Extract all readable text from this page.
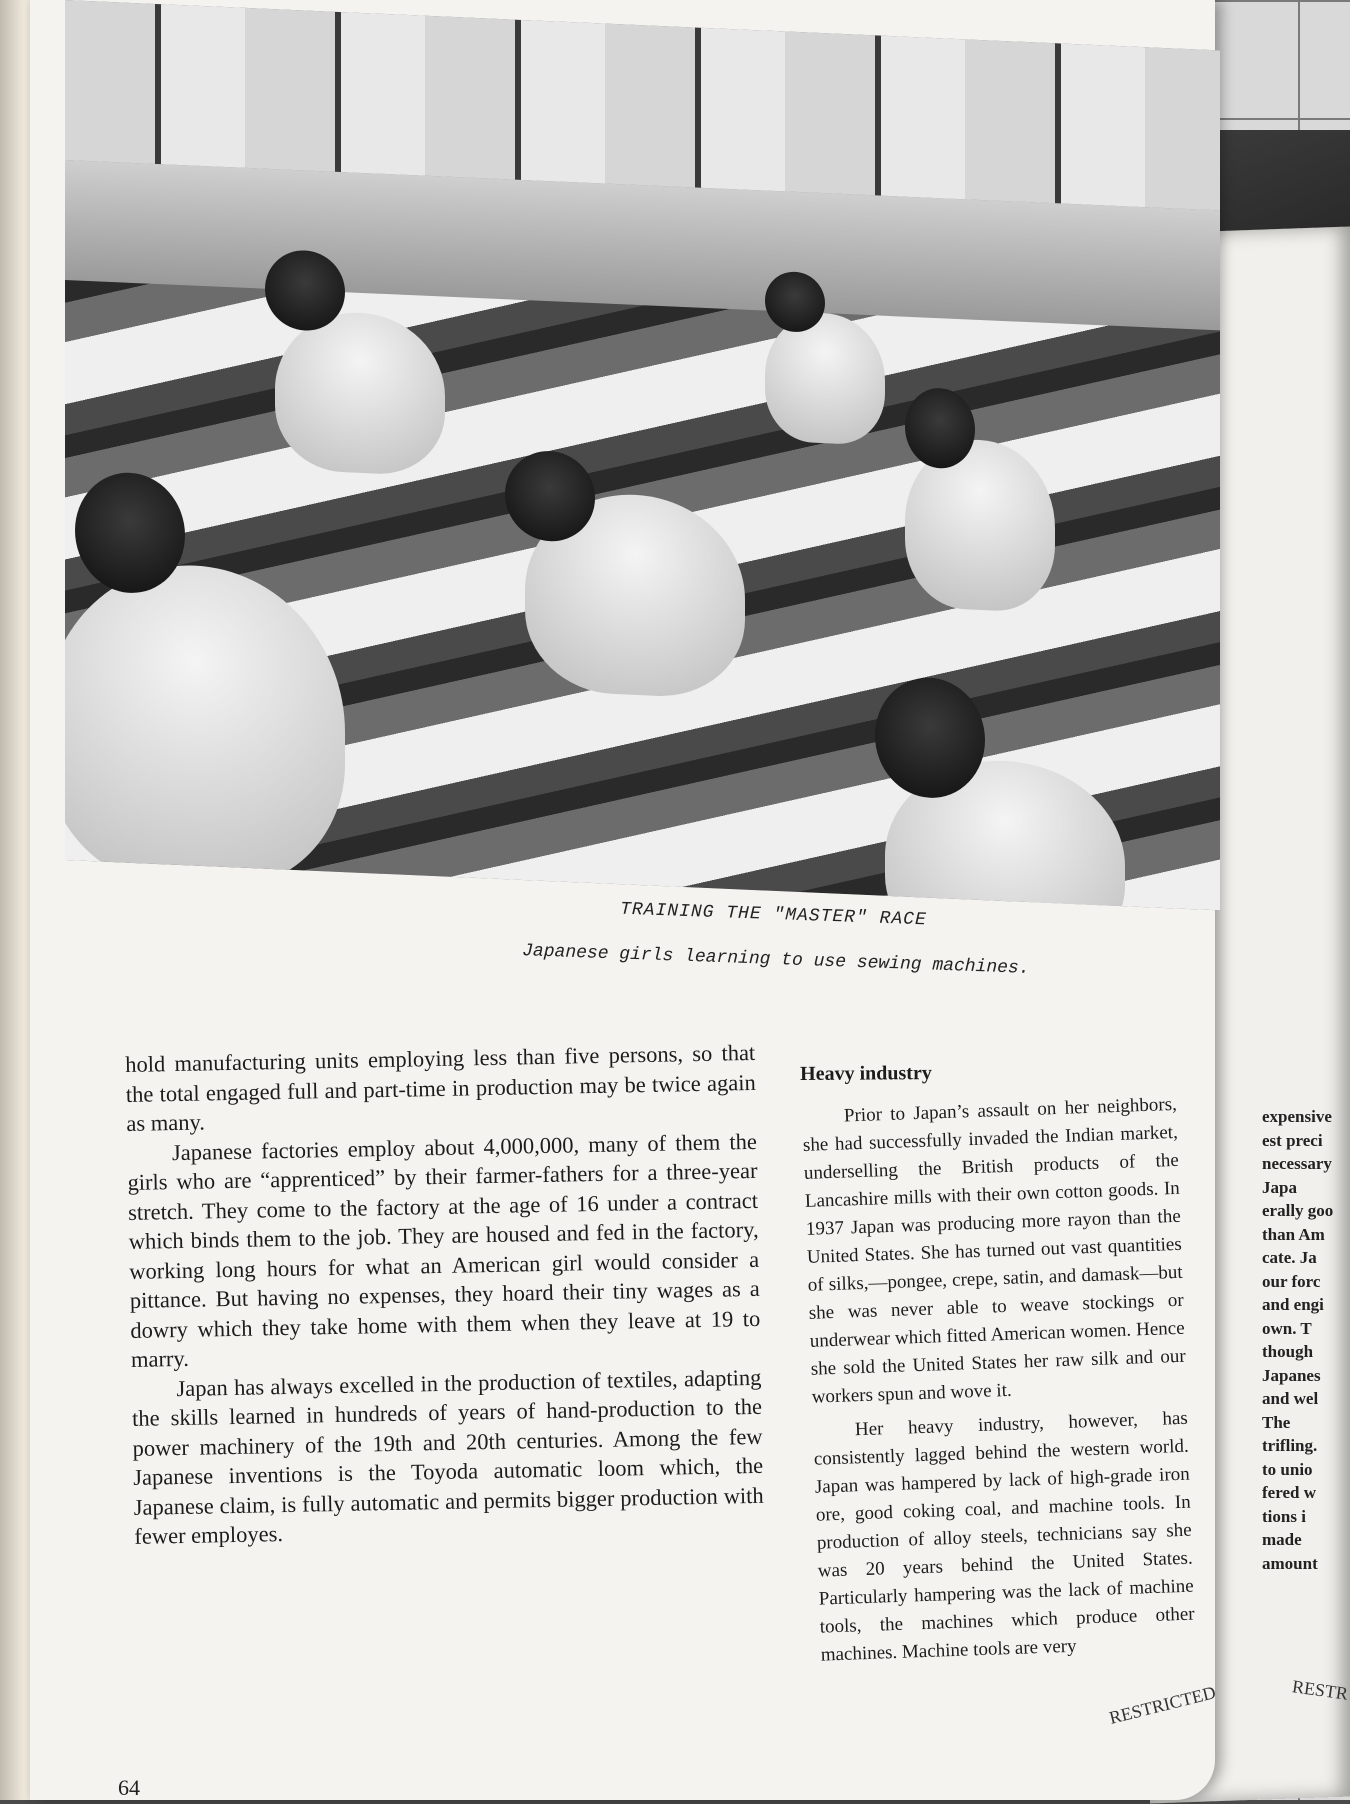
expensive
est preci
necessary
Japa
erally goo
than Am
cate. Ja
our forc
and engi
own. T
though
Japanes
and wel
The
trifling.
to unio
fered w
tions i
made
amount
RESTR
TRAINING THE "MASTER" RACE
Japanese girls learning to use sewing machines.

hold manufacturing units employing less than five persons, so that the total engaged full and part-time in production may be twice again as many.

Japanese factories employ about 4,000,000, many of them the girls who are “apprenticed” by their farmer-fathers for a three-year stretch. They come to the factory at the age of 16 under a contract which binds them to the job. They are housed and fed in the factory, working long hours for what an American girl would consider a pittance. But having no expenses, they hoard their tiny wages as a dowry which they take home with them when they leave at 19 to marry.

Japan has always excelled in the production of textiles, adapting the skills learned in hundreds of years of hand-production to the power machinery of the 19th and 20th centuries. Among the few Japanese inventions is the Toyoda automatic loom which, the Japanese claim, is fully automatic and permits bigger production with fewer employes.

Heavy industry

Prior to Japan’s assault on her neighbors, she had successfully invaded the Indian market, underselling the British products of the Lancashire mills with their own cotton goods. In 1937 Japan was producing more rayon than the United States. She has turned out vast quantities of silks,—pongee, crepe, satin, and damask—but she was never able to weave stockings or underwear which fitted American women. Hence she sold the United States her raw silk and our workers spun and wove it.

Her heavy industry, however, has consistently lagged behind the western world. Japan was hampered by lack of high-grade iron ore, good coking coal, and machine tools. In production of alloy steels, technicians say she was 20 years behind the United States. Particularly hampering was the lack of machine tools, the machines which produce other machines. Machine tools are very

RESTRICTED
64
